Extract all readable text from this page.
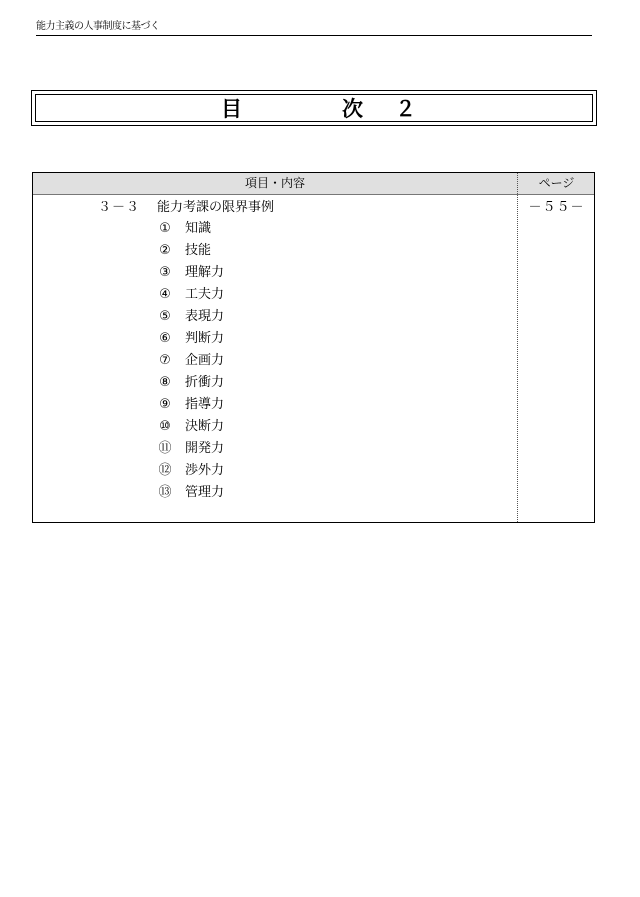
能力主義の人事制度に基づく
目	次 ２
項目・内容	ページ
３－３ 能力考課の限界事例	－５５－
① 知識
② 技能
③ 理解力
④ 工夫力
⑤ 表現力
⑥ 判断力
⑦ 企画力
⑧ 折衝力
⑨ 指導力
⑩ 決断力
⑪ 開発力
⑫ 渉外力
⑬ 管理力
